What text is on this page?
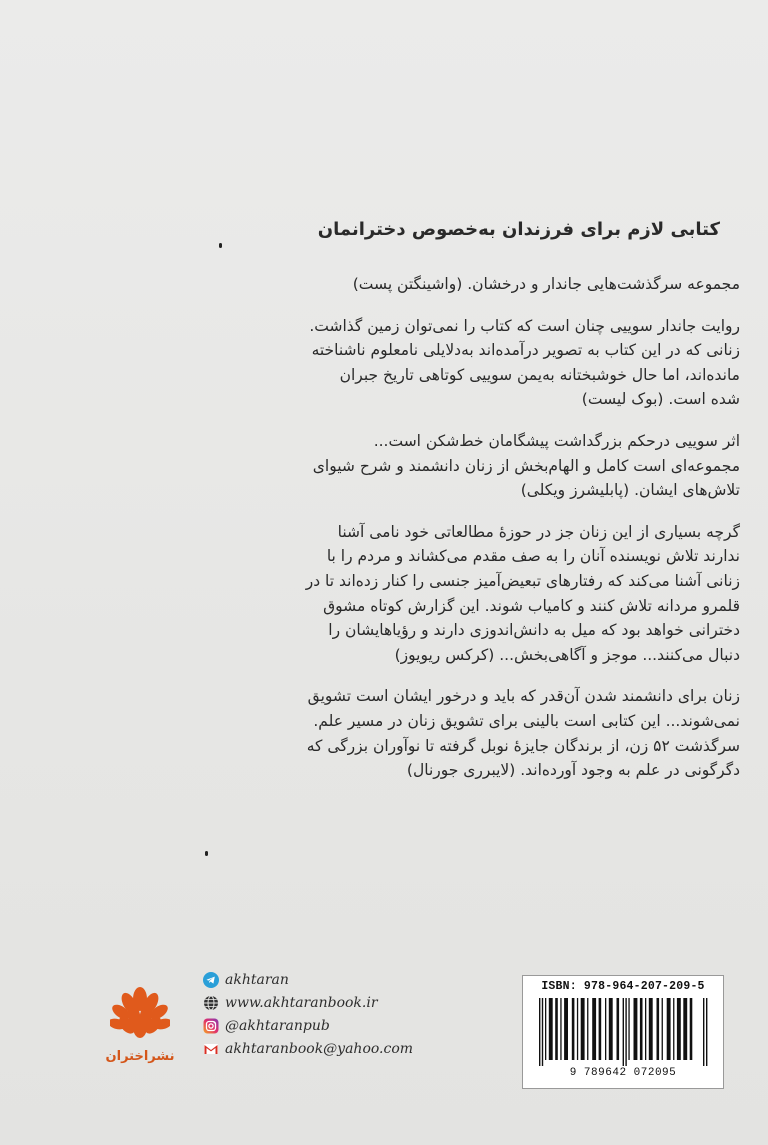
کتابی لازم برای فرزندان به‌خصوص دخترانمان
مجموعه سرگذشت‌هایی جاندار و درخشان. (واشینگتن پست)
روایت جاندار سوییی چنان است که کتاب را نمی‌توان زمین گذاشت.
زنانی که در این کتاب به تصویر درآمده‌اند به‌دلایلی نامعلوم ناشناخته
مانده‌اند، اما حال خوشبختانه به‌یمن سوییی کوتاهی تاریخ جبران
شده است. (بوک لیست)
اثر سوییی درحکم بزرگداشت پیشگامان خط‌شکن است...
مجموعه‌ای است کامل و الهام‌بخش از زنان دانشمند و شرح شیوای
تلاش‌های ایشان. (پابلیشرز ویکلی)
گرچه بسیاری از این زنان جز در حوزهٔ مطالعاتی خود نامی آشنا
ندارند تلاش نویسنده آنان را به صف مقدم می‌کشاند و مردم را با
زنانی آشنا می‌کند که رفتارهای تبعیض‌آمیز جنسی را کنار زده‌اند تا در
قلمرو مردانه تلاش کنند و کامیاب شوند. این گزارش کوتاه مشوق
دخترانی خواهد بود که میل به دانش‌اندوزی دارند و رؤیاهایشان را
دنبال می‌کنند... موجز و آگاهی‌بخش... (کرکس ریویوز)
زنان برای دانشمند شدن آن‌قدر که باید و درخور ایشان است تشویق
نمی‌شوند... این کتابی است بالینی برای تشویق زنان در مسیر علم.
سرگذشت ۵۲ زن، از برندگان جایزهٔ نوبل گرفته تا نوآوران بزرگی که
دگرگونی در علم به وجود آورده‌اند. (لایبرری جورنال)
نشراختران
akhtaran
www.akhtaranbook.ir
@akhtaranpub
akhtaranbook@yahoo.com
ISBN: 978-964-207-209-5
9 789642 072095
